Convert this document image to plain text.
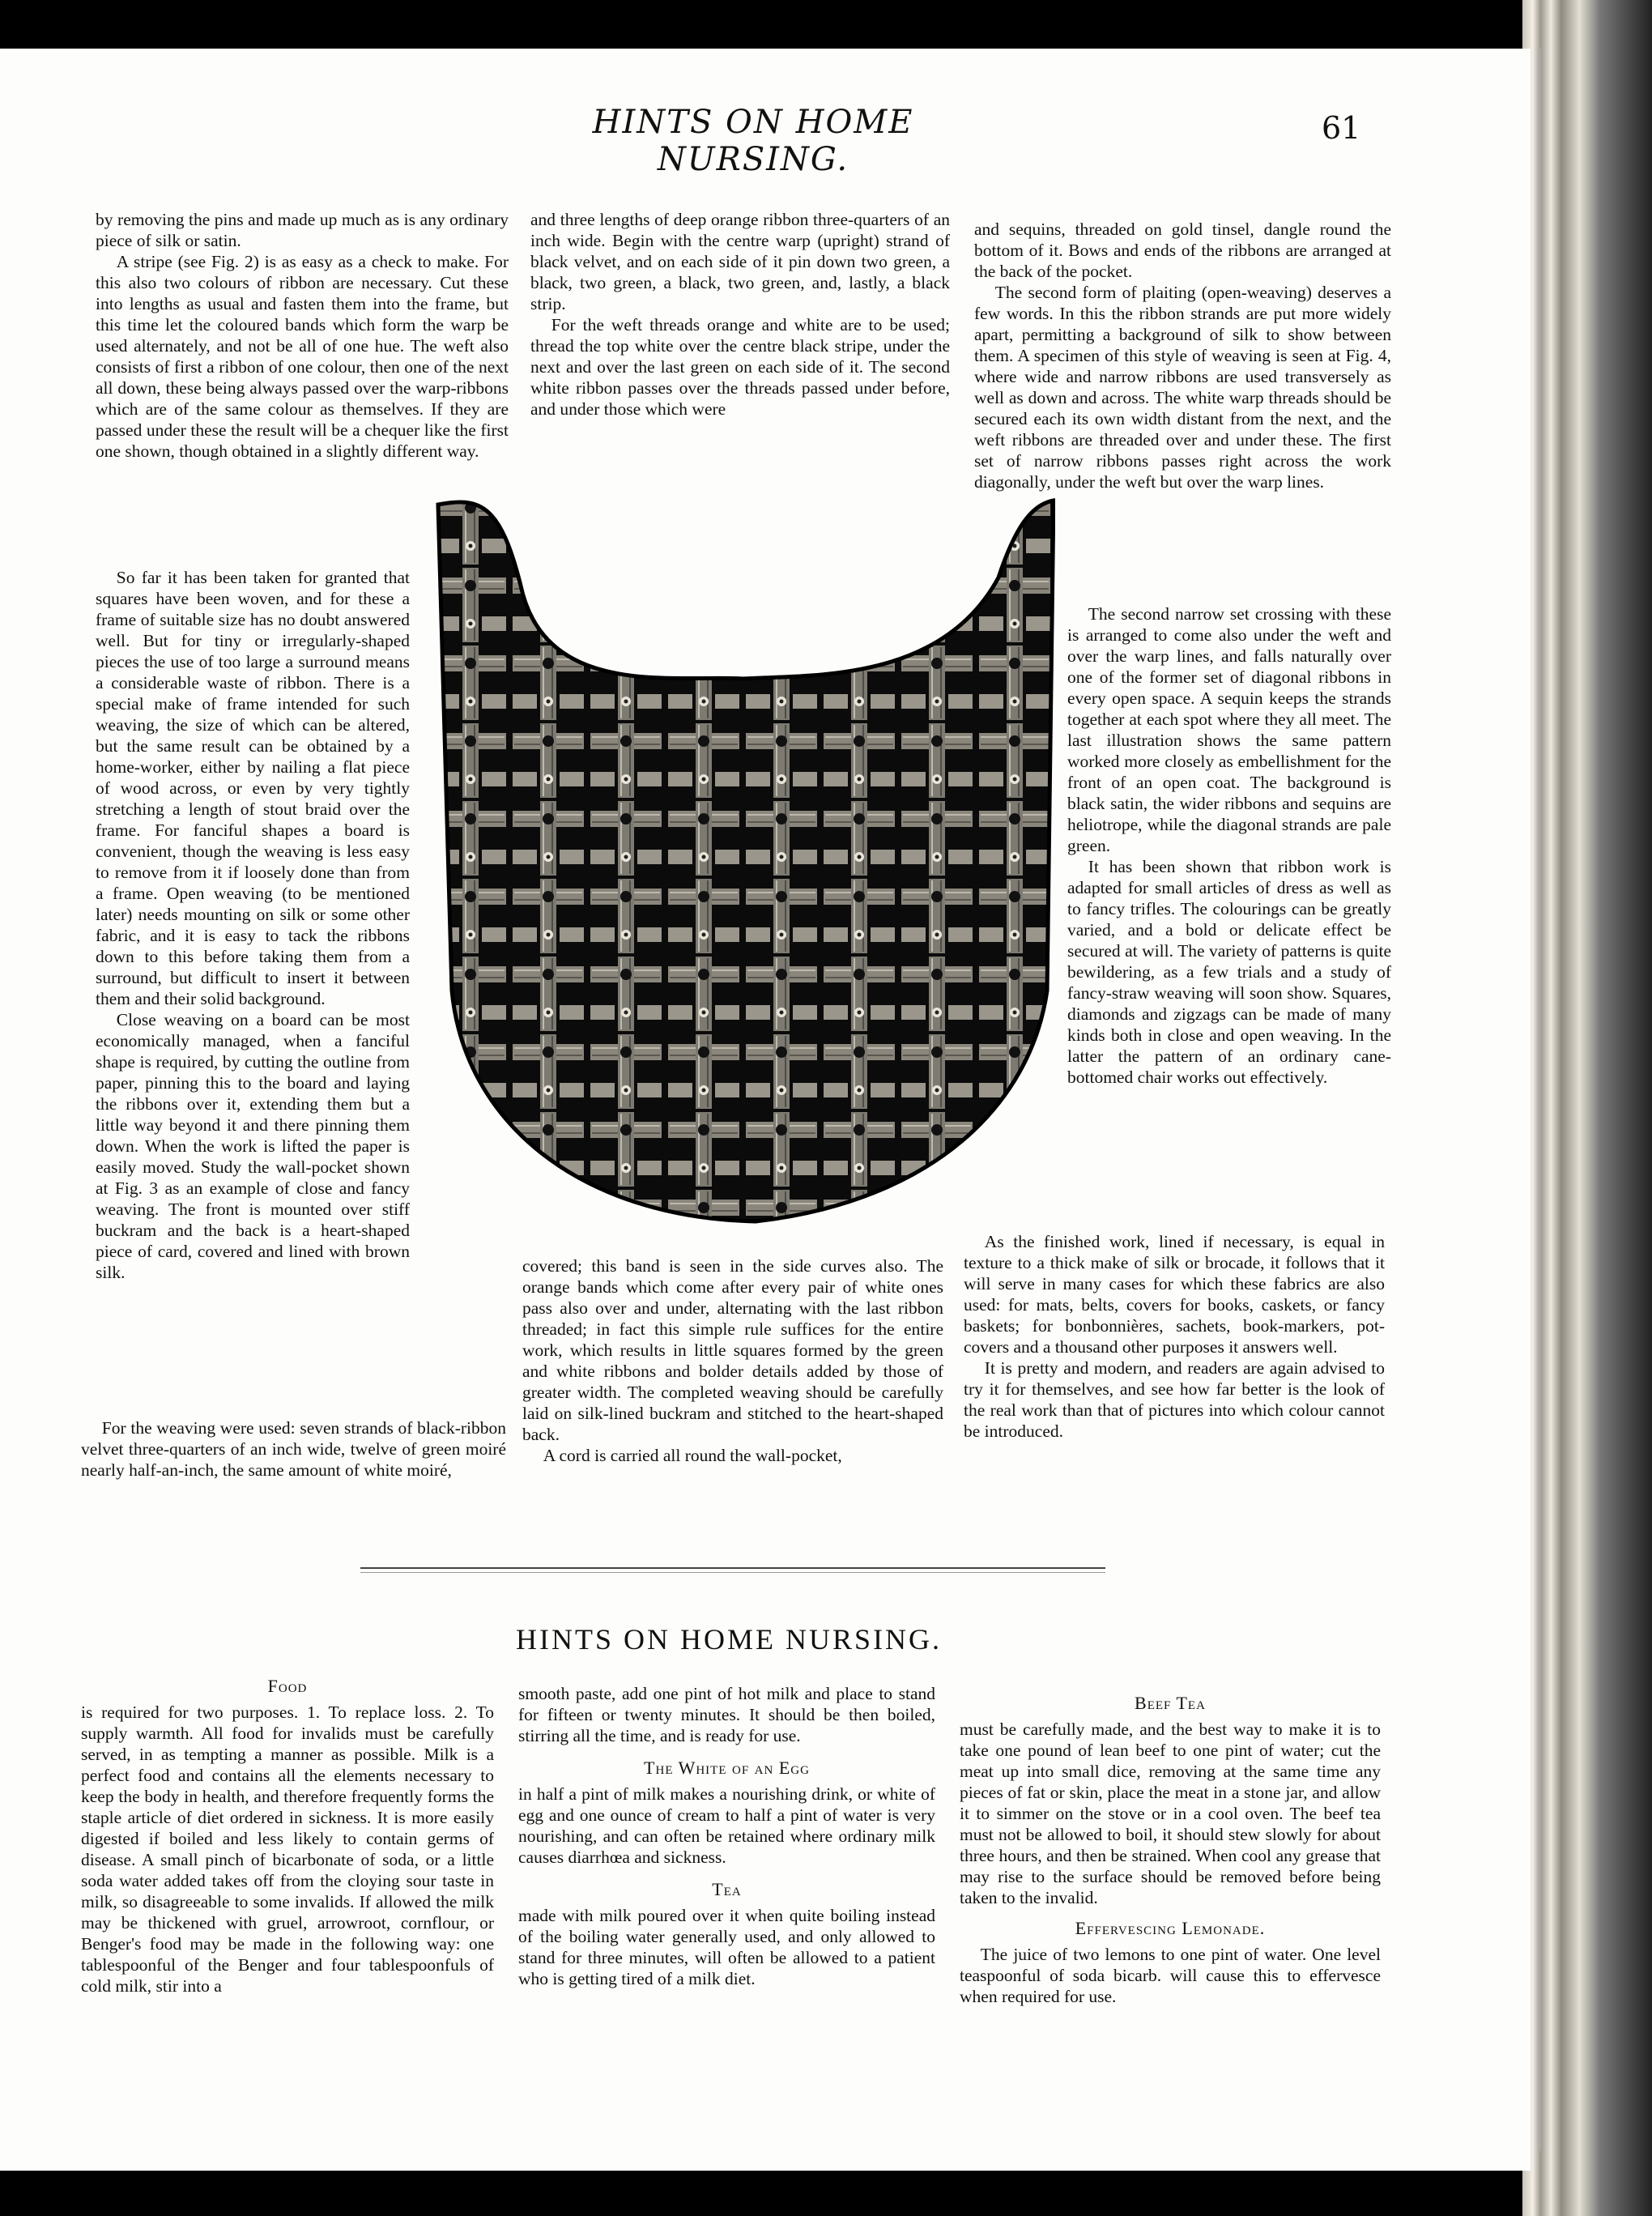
HINTS ON HOME NURSING.
61

by removing the pins and made up much as is any ordinary piece of silk or satin.

A stripe (see Fig. 2) is as easy as a check to make. For this also two colours of ribbon are necessary. Cut these into lengths as usual and fasten them into the frame, but this time let the coloured bands which form the warp be used alternately, and not be all of one hue. The weft also consists of first a ribbon of one colour, then one of the next all down, these being always passed over the warp-ribbons which are of the same colour as themselves. If they are passed under these the result will be a chequer like the first one shown, though obtained in a slightly different way.

So far it has been taken for granted that squares have been woven, and for these a frame of suitable size has no doubt answered well. But for tiny or irregularly-shaped pieces the use of too large a surround means a considerable waste of ribbon. There is a special make of frame intended for such weaving, the size of which can be altered, but the same result can be obtained by a home-worker, either by nailing a flat piece of wood across, or even by very tightly stretching a length of stout braid over the frame. For fanciful shapes a board is convenient, though the weaving is less easy to remove from it if loosely done than from a frame. Open weaving (to be mentioned later) needs mounting on silk or some other fabric, and it is easy to tack the ribbons down to this before taking them from a surround, but difficult to insert it between them and their solid background.

Close weaving on a board can be most economically managed, when a fanciful shape is required, by cutting the outline from paper, pinning this to the board and laying the ribbons over it, extending them but a little way beyond it and there pinning them down. When the work is lifted the paper is easily moved. Study the wall-pocket shown at Fig. 3 as an example of close and fancy weaving. The front is mounted over stiff buckram and the back is a heart-shaped piece of card, covered and lined with brown silk.

For the weaving were used: seven strands of black-ribbon velvet three-quarters of an inch wide, twelve of green moiré nearly half-an-inch, the same amount of white moiré,

and three lengths of deep orange ribbon three-quarters of an inch wide. Begin with the centre warp (upright) strand of black velvet, and on each side of it pin down two green, a black, two green, a black, two green, and, lastly, a black strip.

For the weft threads orange and white are to be used; thread the top white over the centre black stripe, under the next and over the last green on each side of it. The second white ribbon passes over the threads passed under before, and under those which were

covered; this band is seen in the side curves also. The orange bands which come after every pair of white ones pass also over and under, alternating with the last ribbon threaded; in fact this simple rule suffices for the entire work, which results in little squares formed by the green and white ribbons and bolder details added by those of greater width. The completed weaving should be carefully laid on silk-lined buckram and stitched to the heart-shaped back.

A cord is carried all round the wall-pocket,

and sequins, threaded on gold tinsel, dangle round the bottom of it. Bows and ends of the ribbons are arranged at the back of the pocket.

The second form of plaiting (open-weaving) deserves a few words. In this the ribbon strands are put more widely apart, permitting a background of silk to show between them. A specimen of this style of weaving is seen at Fig. 4, where wide and narrow ribbons are used transversely as well as down and across. The white warp threads should be secured each its own width distant from the next, and the weft ribbons are threaded over and under these. The first set of narrow ribbons passes right across the work diagonally, under the weft but over the warp lines.

The second narrow set crossing with these is arranged to come also under the weft and over the warp lines, and falls naturally over one of the former set of diagonal ribbons in every open space. A sequin keeps the strands together at each spot where they all meet. The last illustration shows the same pattern worked more closely as embellishment for the front of an open coat. The background is black satin, the wider ribbons and sequins are heliotrope, while the diagonal strands are pale green.

It has been shown that ribbon work is adapted for small articles of dress as well as to fancy trifles. The colourings can be greatly varied, and a bold or delicate effect be secured at will. The variety of patterns is quite bewildering, as a few trials and a study of fancy-straw weaving will soon show. Squares, diamonds and zigzags can be made of many kinds both in close and open weaving. In the latter the pattern of an ordinary cane-bottomed chair works out effectively.

As the finished work, lined if necessary, is equal in texture to a thick make of silk or brocade, it follows that it will serve in many cases for which these fabrics are also used: for mats, belts, covers for books, caskets, or fancy baskets; for bonbonnières, sachets, book-markers, pot-covers and a thousand other purposes it answers well.

It is pretty and modern, and readers are again advised to try it for themselves, and see how far better is the look of the real work than that of pictures into which colour cannot be introduced.

HINTS ON HOME NURSING.
Food

is required for two purposes. 1. To replace loss. 2. To supply warmth. All food for invalids must be carefully served, in as tempting a manner as possible. Milk is a perfect food and contains all the elements necessary to keep the body in health, and therefore frequently forms the staple article of diet ordered in sickness. It is more easily digested if boiled and less likely to contain germs of disease. A small pinch of bicarbonate of soda, or a little soda water added takes off from the cloying sour taste in milk, so disagreeable to some invalids. If allowed the milk may be thickened with gruel, arrowroot, cornflour, or Benger's food may be made in the following way: one tablespoonful of the Benger and four tablespoonfuls of cold milk, stir into a

smooth paste, add one pint of hot milk and place to stand for fifteen or twenty minutes. It should be then boiled, stirring all the time, and is ready for use.

The White of an Egg

in half a pint of milk makes a nourishing drink, or white of egg and one ounce of cream to half a pint of water is very nourishing, and can often be retained where ordinary milk causes diarrhœa and sickness.

Tea

made with milk poured over it when quite boiling instead of the boiling water generally used, and only allowed to stand for three minutes, will often be allowed to a patient who is getting tired of a milk diet.

Beef Tea

must be carefully made, and the best way to make it is to take one pound of lean beef to one pint of water; cut the meat up into small dice, removing at the same time any pieces of fat or skin, place the meat in a stone jar, and allow it to simmer on the stove or in a cool oven. The beef tea must not be allowed to boil, it should stew slowly for about three hours, and then be strained. When cool any grease that may rise to the surface should be removed before being taken to the invalid.

Effervescing Lemonade.

The juice of two lemons to one pint of water. One level teaspoonful of soda bicarb. will cause this to effervesce when required for use.
